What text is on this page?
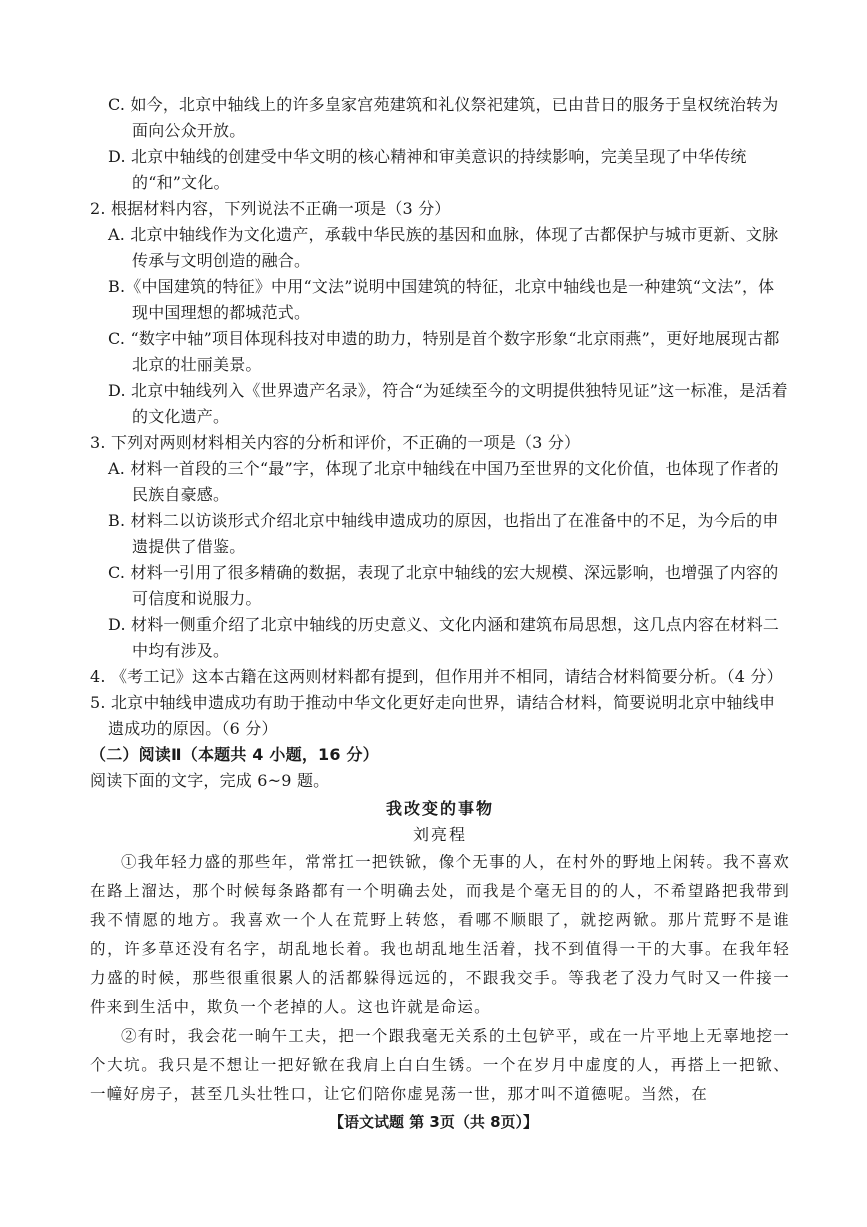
C. 如今，北京中轴线上的许多皇家宫苑建筑和礼仪祭祀建筑，已由昔日的服务于皇权统治转为面向公众开放。

D. 北京中轴线的创建受中华文明的核心精神和审美意识的持续影响，完美呈现了中华传统的“和”文化。

2. 根据材料内容，下列说法不正确一项是（3 分）

A. 北京中轴线作为文化遗产，承载中华民族的基因和血脉，体现了古都保护与城市更新、文脉传承与文明创造的融合。

B.《中国建筑的特征》中用“文法”说明中国建筑的特征，北京中轴线也是一种建筑“文法”，体现中国理想的都城范式。

C. “数字中轴”项目体现科技对申遗的助力，特别是首个数字形象“北京雨燕”，更好地展现古都北京的壮丽美景。

D. 北京中轴线列入《世界遗产名录》，符合“为延续至今的文明提供独特见证”这一标准，是活着的文化遗产。

3. 下列对两则材料相关内容的分析和评价，不正确的一项是（3 分）

A. 材料一首段的三个“最”字，体现了北京中轴线在中国乃至世界的文化价值，也体现了作者的民族自豪感。

B. 材料二以访谈形式介绍北京中轴线申遗成功的原因，也指出了在准备中的不足，为今后的申遗提供了借鉴。

C. 材料一引用了很多精确的数据，表现了北京中轴线的宏大规模、深远影响，也增强了内容的可信度和说服力。

D. 材料一侧重介绍了北京中轴线的历史意义、文化内涵和建筑布局思想，这几点内容在材料二中均有涉及。

4. 《考工记》这本古籍在这两则材料都有提到，但作用并不相同，请结合材料简要分析。（4 分）

5. 北京中轴线申遗成功有助于推动中华文化更好走向世界，请结合材料，简要说明北京中轴线申遗成功的原因。（6 分）

（二）阅读Ⅱ（本题共 4 小题，16 分）

阅读下面的文字，完成 6~9 题。

我改变的事物

刘亮程

①我年轻力盛的那些年，常常扛一把铁锨，像个无事的人，在村外的野地上闲转。我不喜欢在路上溜达，那个时候每条路都有一个明确去处，而我是个毫无目的的人，不希望路把我带到我不情愿的地方。我喜欢一个人在荒野上转悠，看哪不顺眼了，就挖两锨。那片荒野不是谁的，许多草还没有名字，胡乱地长着。我也胡乱地生活着，找不到值得一干的大事。在我年轻力盛的时候，那些很重很累人的活都躲得远远的，不跟我交手。等我老了没力气时又一件接一件来到生活中，欺负一个老掉的人。这也许就是命运。

②有时，我会花一晌午工夫，把一个跟我毫无关系的土包铲平，或在一片平地上无辜地挖一个大坑。我只是不想让一把好锨在我肩上白白生锈。一个在岁月中虚度的人，再搭上一把锨、一幢好房子，甚至几头壮牲口，让它们陪你虚晃荡一世，那才叫不道德呢。当然，在

【语文试题 第 3页（共 8页）】
